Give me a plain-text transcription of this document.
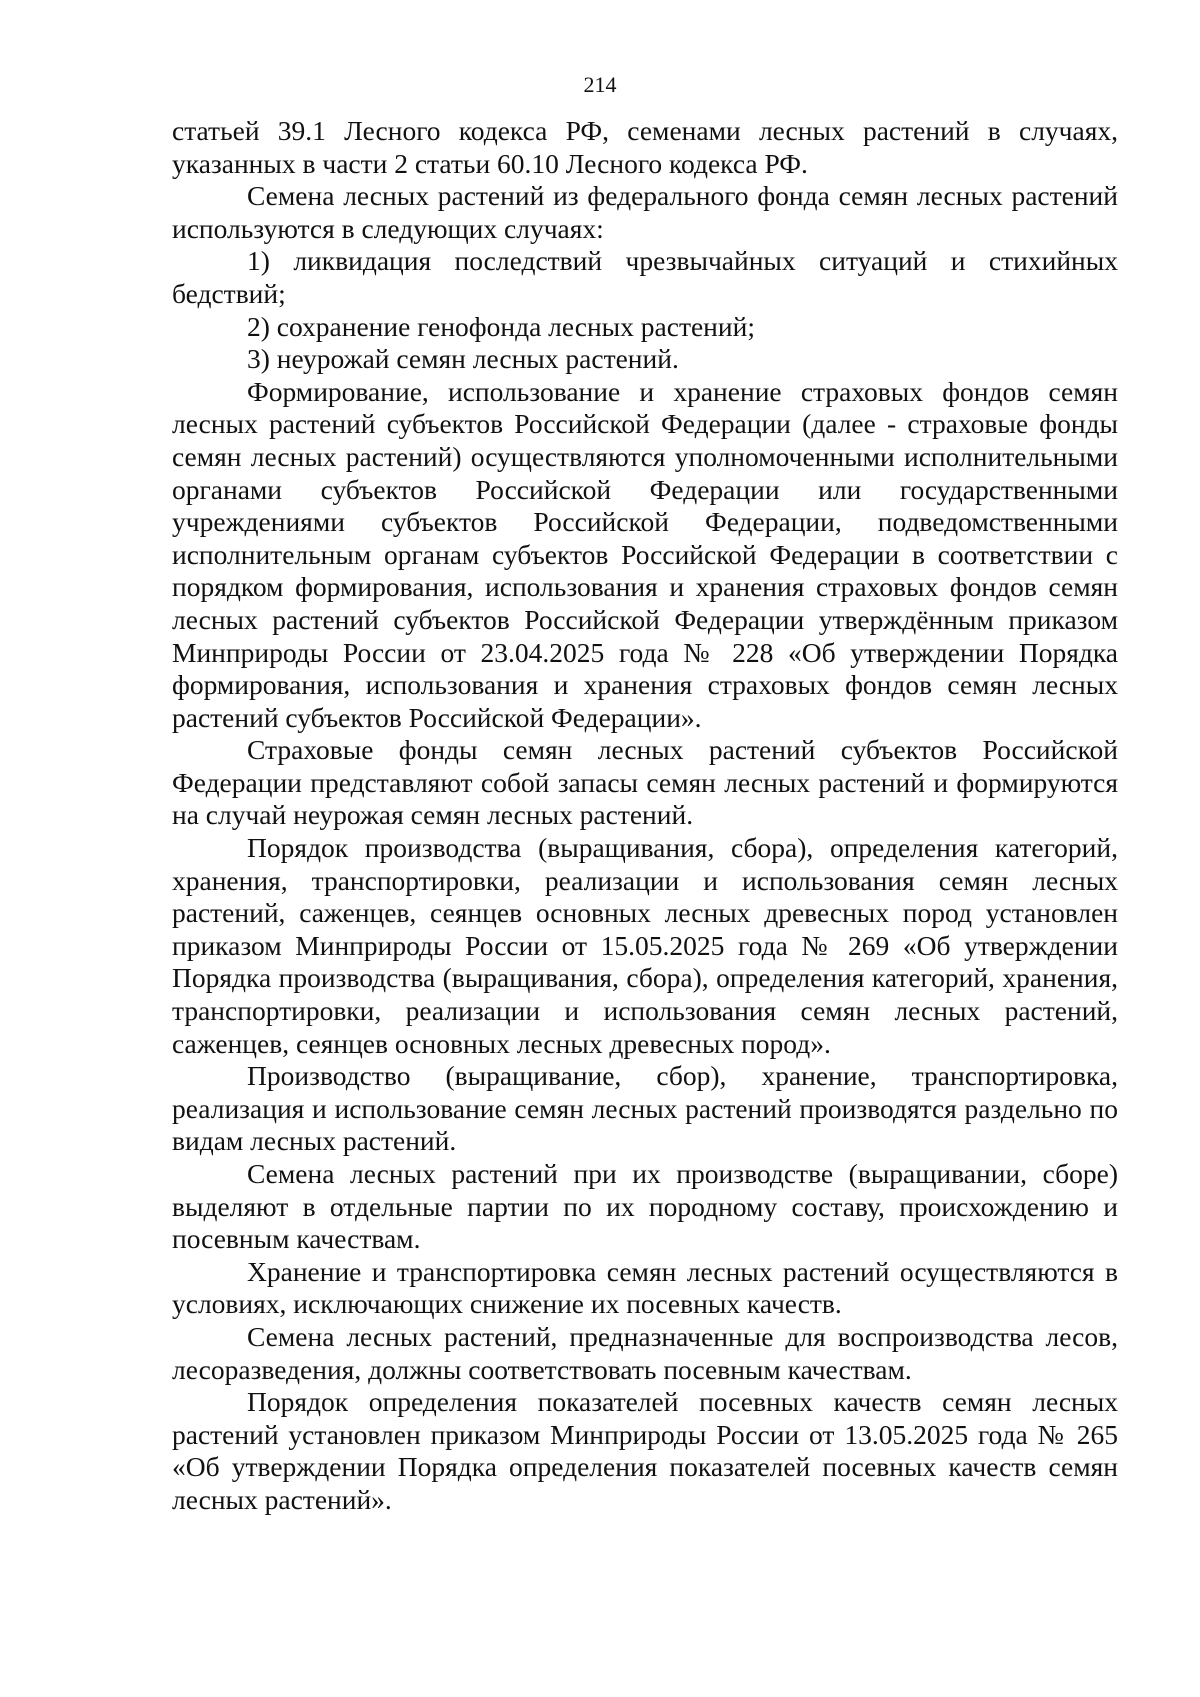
214

статьей 39.1 Лесного кодекса РФ, семенами лесных растений в случаях, указанных в части 2 статьи 60.10 Лесного кодекса РФ.

Семена лесных растений из федерального фонда семян лесных растений используются в следующих случаях:

1) ликвидация последствий чрезвычайных ситуаций и стихийных бедствий;

2) сохранение генофонда лесных растений;

3) неурожай семян лесных растений.

Формирование, использование и хранение страховых фондов семян лесных растений субъектов Российской Федерации (далее - страховые фонды семян лесных растений) осуществляются уполномоченными исполнительными органами субъектов Российской Федерации или государственными учреждениями субъектов Российской Федерации, подведомственными исполнительным органам субъектов Российской Федерации в соответствии с порядком формирования, использования и хранения страховых фондов семян лесных растений субъектов Российской Федерации утверждённым приказом Минприроды России от 23.04.2025 года № 228 «Об утверждении Порядка формирования, использования и хранения страховых фондов семян лесных растений субъектов Российской Федерации».

Страховые фонды семян лесных растений субъектов Российской Федерации представляют собой запасы семян лесных растений и формируются на случай неурожая семян лесных растений.

Порядок производства (выращивания, сбора), определения категорий, хранения, транспортировки, реализации и использования семян лесных растений, саженцев, сеянцев основных лесных древесных пород установлен приказом Минприроды России от 15.05.2025 года № 269 «Об утверждении Порядка производства (выращивания, сбора), определения категорий, хранения, транспортировки, реализации и использования семян лесных растений, саженцев, сеянцев основных лесных древесных пород».

Производство (выращивание, сбор), хранение, транспортировка, реализация и использование семян лесных растений производятся раздельно по видам лесных растений.

Семена лесных растений при их производстве (выращивании, сборе) выделяют в отдельные партии по их породному составу, происхождению и посевным качествам.

Хранение и транспортировка семян лесных растений осуществляются в условиях, исключающих снижение их посевных качеств.

Семена лесных растений, предназначенные для воспроизводства лесов, лесоразведения, должны соответствовать посевным качествам.

Порядок определения показателей посевных качеств семян лесных растений установлен приказом Минприроды России от 13.05.2025 года № 265 «Об утверждении Порядка определения показателей посевных качеств семян лесных растений».
